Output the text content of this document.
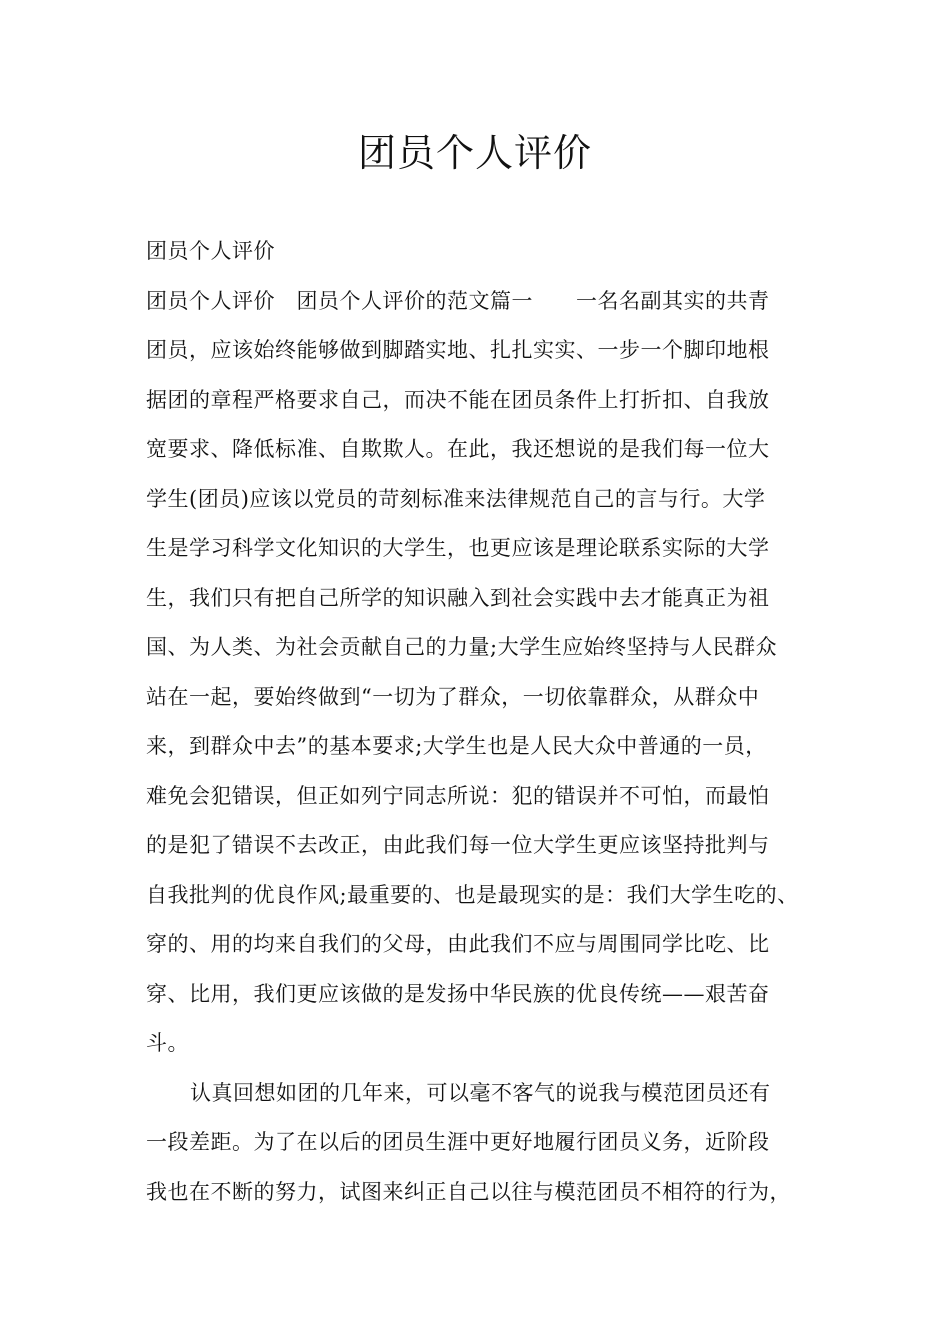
团员个人评价
团员个人评价
团员个人评价　团员个人评价的范文篇一　　一名名副其实的共青
团员，应该始终能够做到脚踏实地、扎扎实实、一步一个脚印地根
据团的章程严格要求自己，而决不能在团员条件上打折扣、自我放
宽要求、降低标准、自欺欺人。在此，我还想说的是我们每一位大
学生(团员)应该以党员的苛刻标准来法律规范自己的言与行。大学
生是学习科学文化知识的大学生，也更应该是理论联系实际的大学
生，我们只有把自己所学的知识融入到社会实践中去才能真正为祖
国、为人类、为社会贡献自己的力量;大学生应始终坚持与人民群众
站在一起，要始终做到“一切为了群众，一切依靠群众，从群众中
来，到群众中去”的基本要求;大学生也是人民大众中普通的一员，
难免会犯错误，但正如列宁同志所说：犯的错误并不可怕，而最怕
的是犯了错误不去改正，由此我们每一位大学生更应该坚持批判与
自我批判的优良作风;最重要的、也是最现实的是：我们大学生吃的、
穿的、用的均来自我们的父母，由此我们不应与周围同学比吃、比
穿、比用，我们更应该做的是发扬中华民族的优良传统——艰苦奋
斗。
认真回想如团的几年来，可以毫不客气的说我与模范团员还有
一段差距。为了在以后的团员生涯中更好地履行团员义务，近阶段
我也在不断的努力，试图来纠正自己以往与模范团员不相符的行为，
